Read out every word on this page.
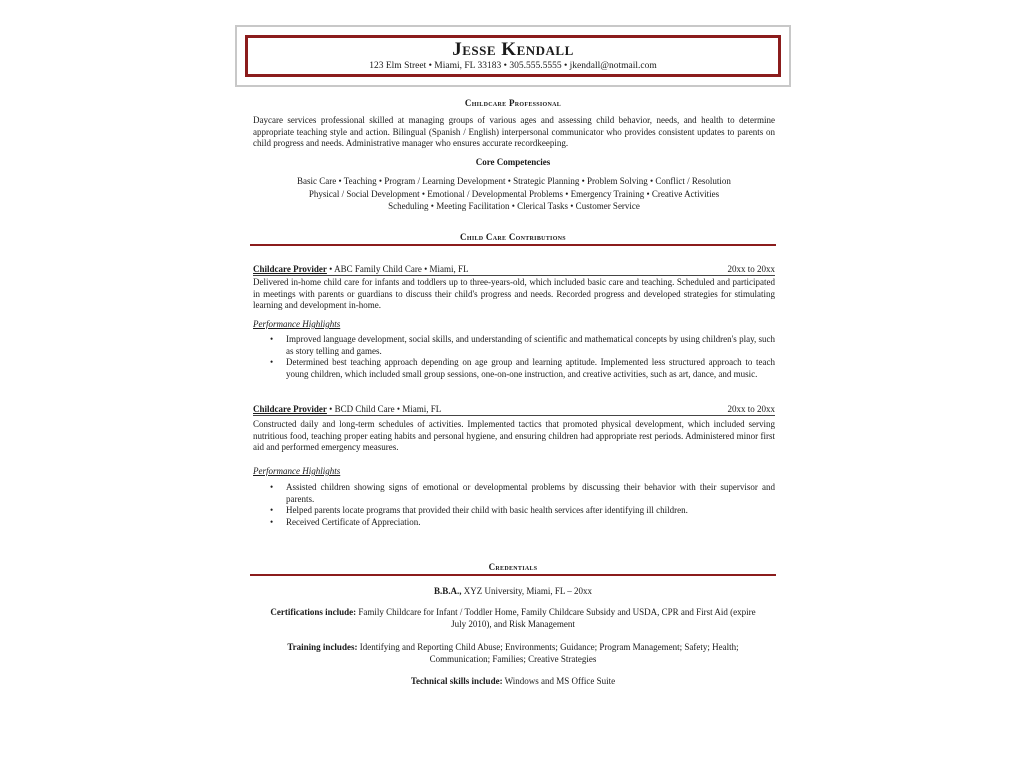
Jesse Kendall
123 Elm Street • Miami, FL 33183 • 305.555.5555 • jkendall@notmail.com
Childcare Professional
Daycare services professional skilled at managing groups of various ages and assessing child behavior, needs, and health to determine appropriate teaching style and action. Bilingual (Spanish / English) interpersonal communicator who provides consistent updates to parents on child progress and needs. Administrative manager who ensures accurate recordkeeping.
Core Competencies
Basic Care • Teaching • Program / Learning Development • Strategic Planning • Problem Solving • Conflict / Resolution
Physical / Social Development • Emotional / Developmental Problems • Emergency Training • Creative Activities
Scheduling • Meeting Facilitation • Clerical Tasks • Customer Service
Child Care Contributions
Childcare Provider • ABC Family Child Care • Miami, FL	20xx to 20xx
Delivered in-home child care for infants and toddlers up to three-years-old, which included basic care and teaching. Scheduled and participated in meetings with parents or guardians to discuss their child's progress and needs. Recorded progress and developed strategies for stimulating learning and development in-home.
Performance Highlights
• Improved language development, social skills, and understanding of scientific and mathematical concepts by using children's play, such as story telling and games.
• Determined best teaching approach depending on age group and learning aptitude. Implemented less structured approach to teach young children, which included small group sessions, one-on-one instruction, and creative activities, such as art, dance, and music.
Childcare Provider • BCD Child Care • Miami, FL	20xx to 20xx
Constructed daily and long-term schedules of activities. Implemented tactics that promoted physical development, which included serving nutritious food, teaching proper eating habits and personal hygiene, and ensuring children had appropriate rest periods. Administered minor first aid and performed emergency measures.
Performance Highlights
• Assisted children showing signs of emotional or developmental problems by discussing their behavior with their supervisor and parents.
• Helped parents locate programs that provided their child with basic health services after identifying ill children.
• Received Certificate of Appreciation.
Credentials
B.B.A., XYZ University, Miami, FL – 20xx
Certifications include: Family Childcare for Infant / Toddler Home, Family Childcare Subsidy and USDA, CPR and First Aid (expire July 2010), and Risk Management
Training includes: Identifying and Reporting Child Abuse; Environments; Guidance; Program Management; Safety; Health; Communication; Families; Creative Strategies
Technical skills include: Windows and MS Office Suite
